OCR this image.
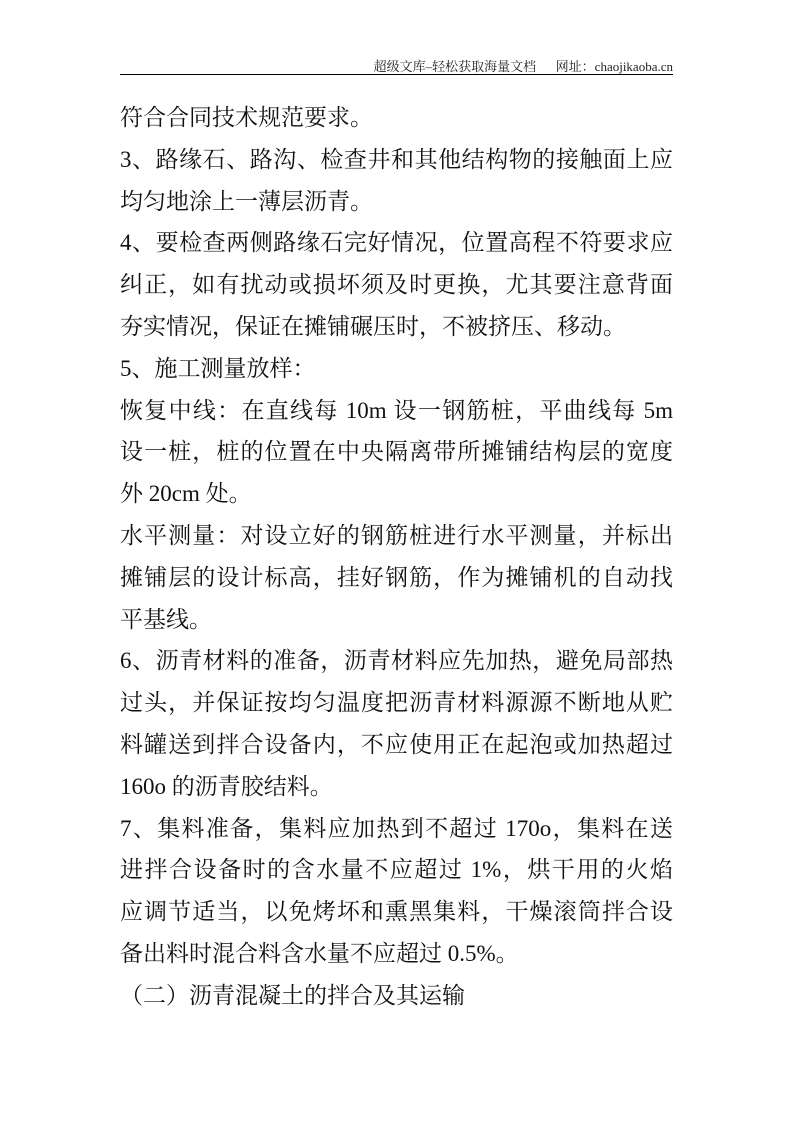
超级文库–轻松获取海量文档 网址：chaojikaoba.cn
符合合同技术规范要求。
3、路缘石、路沟、检查井和其他结构物的接触面上应
均匀地涂上一薄层沥青。
4、要检查两侧路缘石完好情况，位置高程不符要求应
纠正，如有扰动或损坏须及时更换，尤其要注意背面
夯实情况，保证在摊铺碾压时，不被挤压、移动。
5、施工测量放样：
恢复中线：在直线每 10m 设一钢筋桩，平曲线每 5m
设一桩，桩的位置在中央隔离带所摊铺结构层的宽度
外 20cm 处。
水平测量：对设立好的钢筋桩进行水平测量，并标出
摊铺层的设计标高，挂好钢筋，作为摊铺机的自动找
平基线。
6、沥青材料的准备，沥青材料应先加热，避免局部热
过头，并保证按均匀温度把沥青材料源源不断地从贮
料罐送到拌合设备内，不应使用正在起泡或加热超过
160o 的沥青胶结料。
7、集料准备，集料应加热到不超过 170o，集料在送
进拌合设备时的含水量不应超过 1%，烘干用的火焰
应调节适当，以免烤坏和熏黑集料，干燥滚筒拌合设
备出料时混合料含水量不应超过 0.5%。
（二）沥青混凝土的拌合及其运输
